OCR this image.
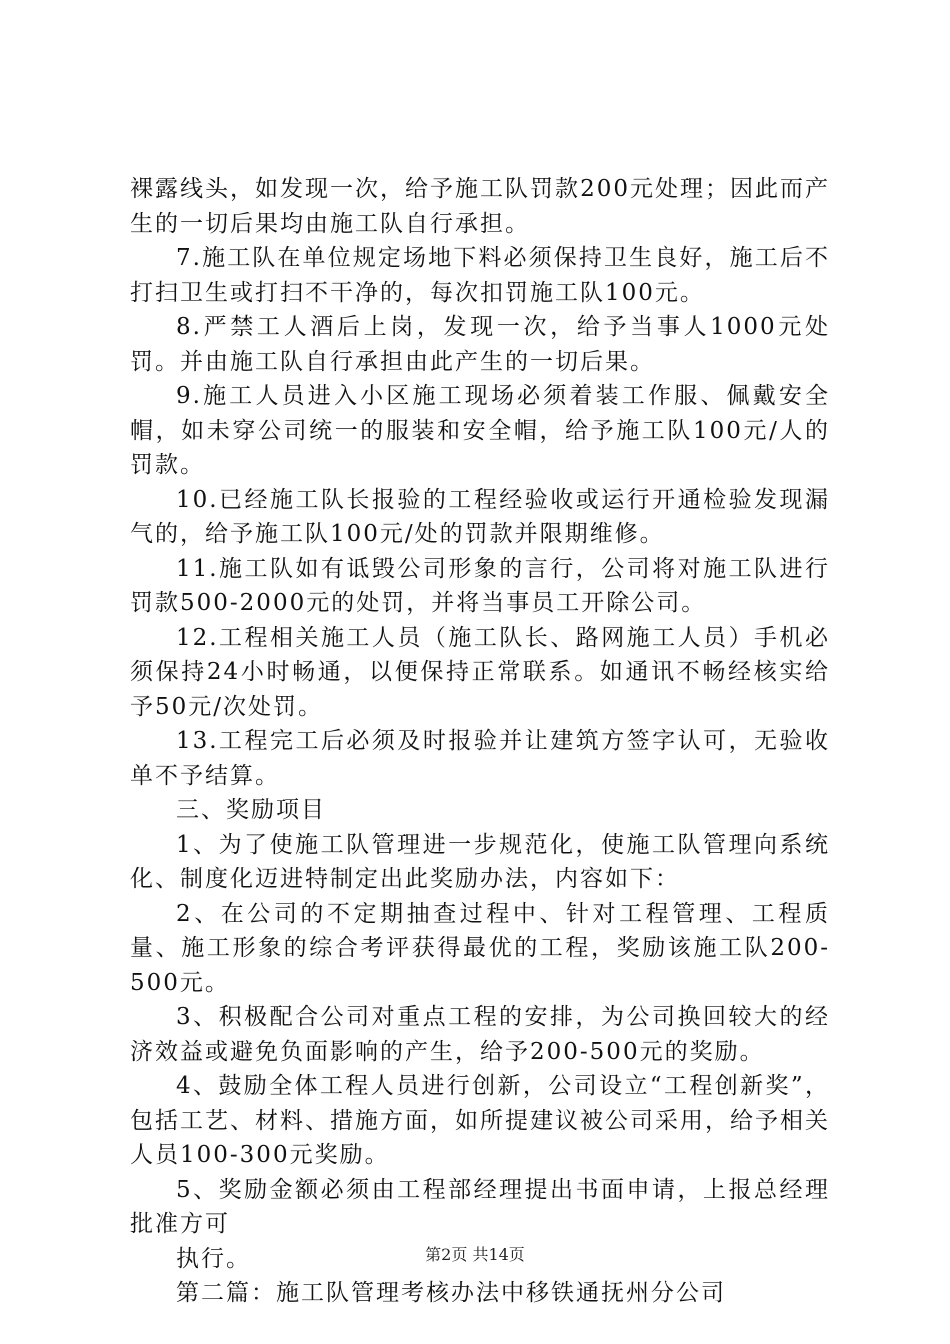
裸露线头，如发现一次，给予施工队罚款200元处理；因此而产生的一切后果均由施工队自行承担。

7.施工队在单位规定场地下料必须保持卫生良好，施工后不打扫卫生或打扫不干净的，每次扣罚施工队100元。

8.严禁工人酒后上岗，发现一次，给予当事人1000元处罚。并由施工队自行承担由此产生的一切后果。

9.施工人员进入小区施工现场必须着装工作服、佩戴安全帽，如未穿公司统一的服装和安全帽，给予施工队100元/人的罚款。

10.已经施工队长报验的工程经验收或运行开通检验发现漏气的，给予施工队100元/处的罚款并限期维修。

11.施工队如有诋毁公司形象的言行，公司将对施工队进行罚款500-2000元的处罚，并将当事员工开除公司。

12.工程相关施工人员（施工队长、路网施工人员）手机必须保持24小时畅通，以便保持正常联系。如通讯不畅经核实给予50元/次处罚。

13.工程完工后必须及时报验并让建筑方签字认可，无验收单不予结算。

三、奖励项目

1、为了使施工队管理进一步规范化，使施工队管理向系统化、制度化迈进特制定出此奖励办法，内容如下：

2、在公司的不定期抽查过程中、针对工程管理、工程质量、施工形象的综合考评获得最优的工程，奖励该施工队200-500元。

3、积极配合公司对重点工程的安排，为公司换回较大的经济效益或避免负面影响的产生，给予200-500元的奖励。

4、鼓励全体工程人员进行创新，公司设立“工程创新奖”，包括工艺、材料、措施方面，如所提建议被公司采用，给予相关人员100-300元奖励。

5、奖励金额必须由工程部经理提出书面申请，上报总经理批准方可

执行。

第二篇：施工队管理考核办法中移铁通抚州分公司

第2页 共14页
